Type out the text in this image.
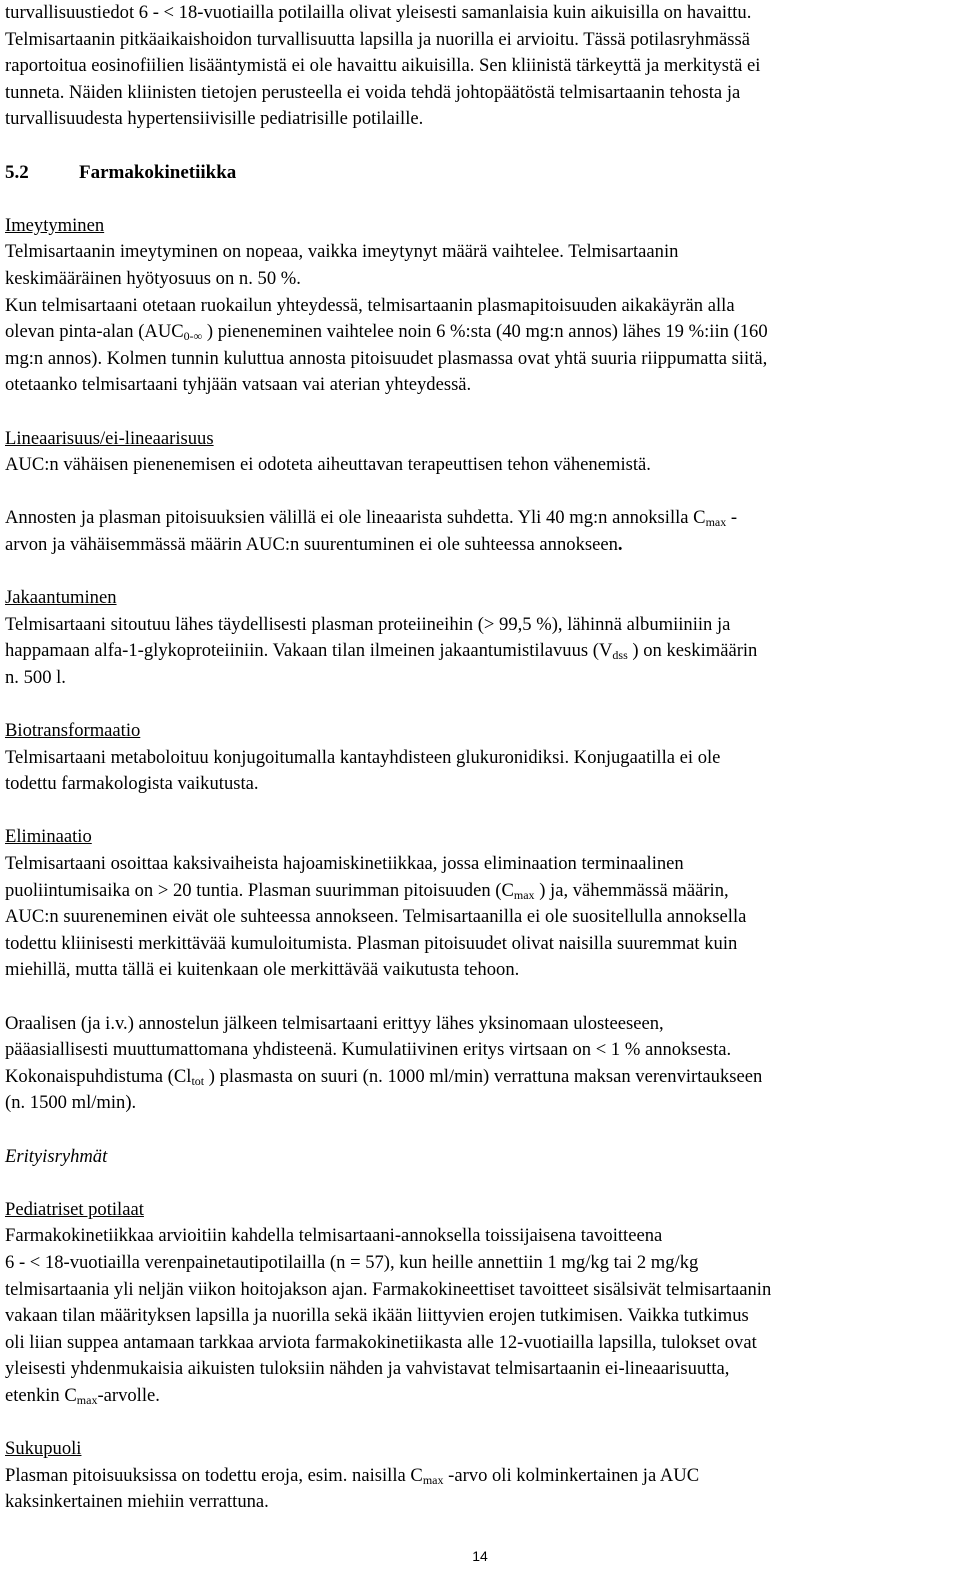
turvallisuustiedot 6 - < 18-vuotiailla potilailla olivat yleisesti samanlaisia kuin aikuisilla on havaittu.

Telmisartaanin pitkäaikaishoidon turvallisuutta lapsilla ja nuorilla ei arvioitu. Tässä potilasryhmässä

raportoitua eosinofiilien lisääntymistä ei ole havaittu aikuisilla. Sen kliinistä tärkeyttä ja merkitystä ei

tunneta. Näiden kliinisten tietojen perusteella ei voida tehdä johtopäätöstä telmisartaanin tehosta ja

turvallisuudesta hypertensiivisille pediatrisille potilaille.

5.2	Farmakokinetiikka

Imeytyminen

Telmisartaanin imeytyminen on nopeaa, vaikka imeytynyt määrä vaihtelee. Telmisartaanin

keskimääräinen hyötyosuus on n. 50 %.

Kun telmisartaani otetaan ruokailun yhteydessä, telmisartaanin plasmapitoisuuden aikakäyrän alla

olevan pinta-alan ($AUC_{0-\infty}$ ) pieneneminen vaihtelee noin 6 %:sta (40 mg:n annos) lähes 19 %:iin (160

mg:n annos). Kolmen tunnin kuluttua annosta pitoisuudet plasmassa ovat yhtä suuria riippumatta siitä,

otetaanko telmisartaani tyhjään vatsaan vai aterian yhteydessä.

Lineaarisuus/ei-lineaarisuus

AUC:n vähäisen pienenemisen ei odoteta aiheuttavan terapeuttisen tehon vähenemistä.

Annosten ja plasman pitoisuuksien välillä ei ole lineaarista suhdetta. Yli 40 mg:n annoksilla $C_{max}$ -

arvon ja vähäisemmässä määrin AUC:n suurentuminen ei ole suhteessa annokseen.

Jakaantuminen

Telmisartaani sitoutuu lähes täydellisesti plasman proteiineihin (> 99,5 %), lähinnä albumiiniin ja

happamaan alfa-1-glykoproteiiniin. Vakaan tilan ilmeinen jakaantumistilavuus ($V_{dss}$ ) on keskimäärin

n. 500 l.

Biotransformaatio

Telmisartaani metaboloituu konjugoitumalla kantayhdisteen glukuronidiksi. Konjugaatilla ei ole

todettu farmakologista vaikutusta.

Eliminaatio

Telmisartaani osoittaa kaksivaiheista hajoamiskinetiikkaa, jossa eliminaation terminaalinen

puoliintumisaika on > 20 tuntia. Plasman suurimman pitoisuuden ($C_{max}$ ) ja, vähemmässä määrin,

AUC:n suureneminen eivät ole suhteessa annokseen. Telmisartaanilla ei ole suositellulla annoksella

todettu kliinisesti merkittävää kumuloitumista. Plasman pitoisuudet olivat naisilla suuremmat kuin

miehillä, mutta tällä ei kuitenkaan ole merkittävää vaikutusta tehoon.

Oraalisen (ja i.v.) annostelun jälkeen telmisartaani erittyy lähes yksinomaan ulosteeseen,

pääasiallisesti muuttumattomana yhdisteenä. Kumulatiivinen eritys virtsaan on < 1 % annoksesta.

Kokonaispuhdistuma ($Cl_{tot}$ ) plasmasta on suuri (n. 1000 ml/min) verrattuna maksan verenvirtaukseen

(n. 1500 ml/min).

Erityisryhmät

Pediatriset potilaat

Farmakokinetiikkaa arvioitiin kahdella telmisartaani-annoksella toissijaisena tavoitteena

6 - < 18-vuotiailla verenpainetautipotilailla (n = 57), kun heille annettiin 1 mg/kg tai 2 mg/kg

telmisartaania yli neljän viikon hoitojakson ajan. Farmakokineettiset tavoitteet sisälsivät telmisartaanin

vakaan tilan määrityksen lapsilla ja nuorilla sekä ikään liittyvien erojen tutkimisen. Vaikka tutkimus

oli liian suppea antamaan tarkkaa arviota farmakokinetiikasta alle 12-vuotiailla lapsilla, tulokset ovat

yleisesti yhdenmukaisia aikuisten tuloksiin nähden ja vahvistavat telmisartaanin ei-lineaarisuutta,

etenkin $C_{max}$-arvolle.

Sukupuoli

Plasman pitoisuuksissa on todettu eroja, esim. naisilla $C_{max}$ -arvo oli kolminkertainen ja AUC

kaksinkertainen miehiin verrattuna.

14
